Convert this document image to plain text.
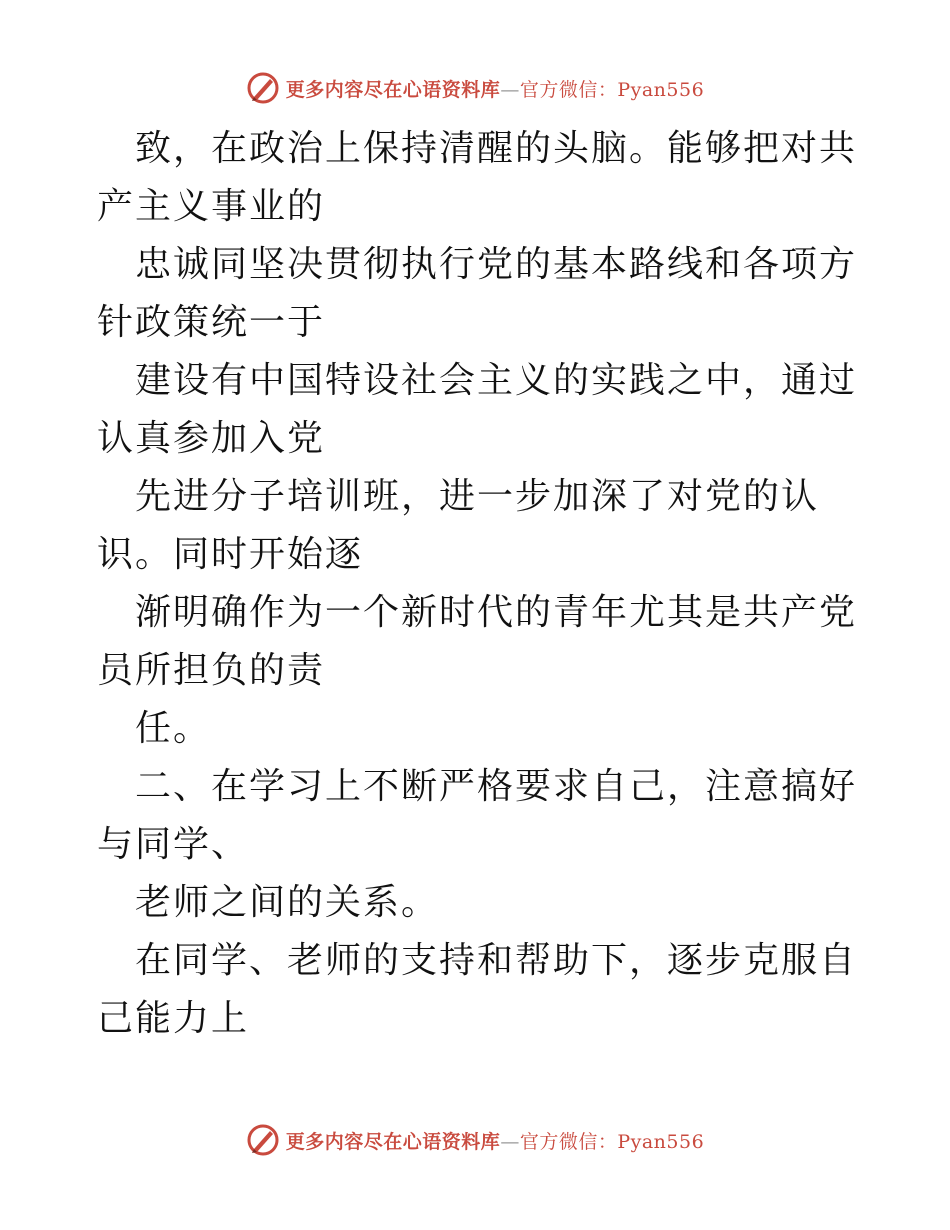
更多内容尽在心语资料库—官方微信：Pyan556

致，在政治上保持清醒的头脑。能够把对共产主义事业的

忠诚同坚决贯彻执行党的基本路线和各项方针政策统一于

建设有中国特设社会主义的实践之中，通过认真参加入党

先进分子培训班，进一步加深了对党的认识。同时开始逐

渐明确作为一个新时代的青年尤其是共产党员所担负的责

任。

二、在学习上不断严格要求自己，注意搞好与同学、

老师之间的关系。

在同学、老师的支持和帮助下，逐步克服自己能力上

更多内容尽在心语资料库—官方微信：Pyan556
